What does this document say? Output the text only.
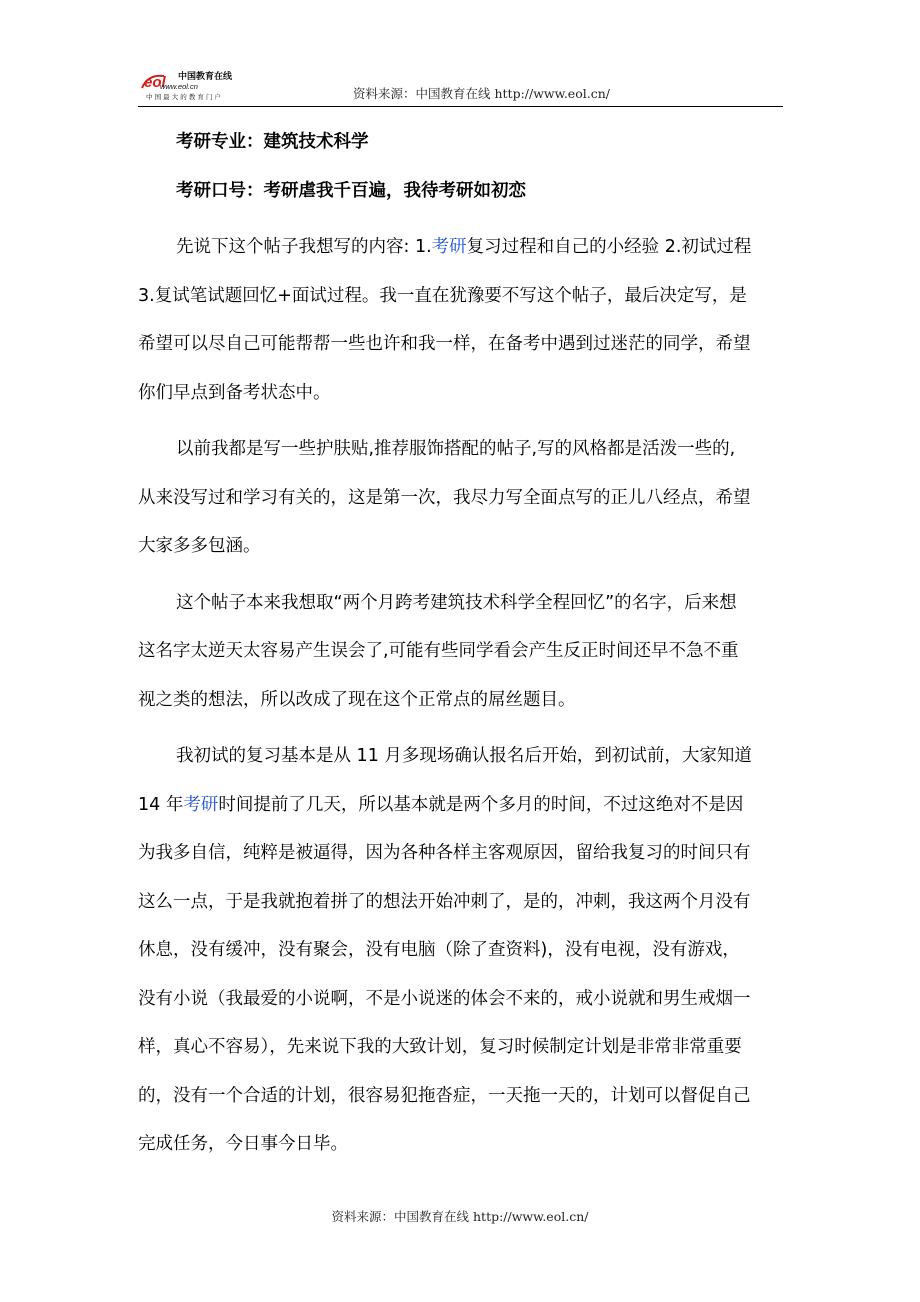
eol 中国教育在线
www.eol.cn
中 国 最 大 的 教 育 门 户	资料来源：中国教育在线 http://www.eol.cn/

考研专业：建筑技术科学

考研口号：考研虐我千百遍，我待考研如初恋

先说下这个帖子我想写的内容: 1.考研复习过程和自己的小经验 2.初试过程

3.复试笔试题回忆+面试过程。我一直在犹豫要不写这个帖子，最后决定写，是

希望可以尽自己可能帮帮一些也许和我一样，在备考中遇到过迷茫的同学，希望

你们早点到备考状态中。

以前我都是写一些护肤贴,推荐服饰搭配的帖子,写的风格都是活泼一些的,

从来没写过和学习有关的，这是第一次，我尽力写全面点写的正儿八经点，希望

大家多多包涵。

这个帖子本来我想取“两个月跨考建筑技术科学全程回忆”的名字，后来想

这名字太逆天太容易产生误会了,可能有些同学看会产生反正时间还早不急不重

视之类的想法，所以改成了现在这个正常点的屌丝题目。

我初试的复习基本是从 11 月多现场确认报名后开始，到初试前，大家知道

14 年考研时间提前了几天，所以基本就是两个多月的时间，不过这绝对不是因

为我多自信，纯粹是被逼得，因为各种各样主客观原因，留给我复习的时间只有

这么一点，于是我就抱着拼了的想法开始冲刺了，是的，冲刺，我这两个月没有

休息，没有缓冲，没有聚会，没有电脑（除了查资料)，没有电视，没有游戏，

没有小说（我最爱的小说啊，不是小说迷的体会不来的，戒小说就和男生戒烟一

样，真心不容易），先来说下我的大致计划，复习时候制定计划是非常非常重要

的，没有一个合适的计划，很容易犯拖沓症，一天拖一天的，计划可以督促自己

完成任务，今日事今日毕。

资料来源：中国教育在线 http://www.eol.cn/
